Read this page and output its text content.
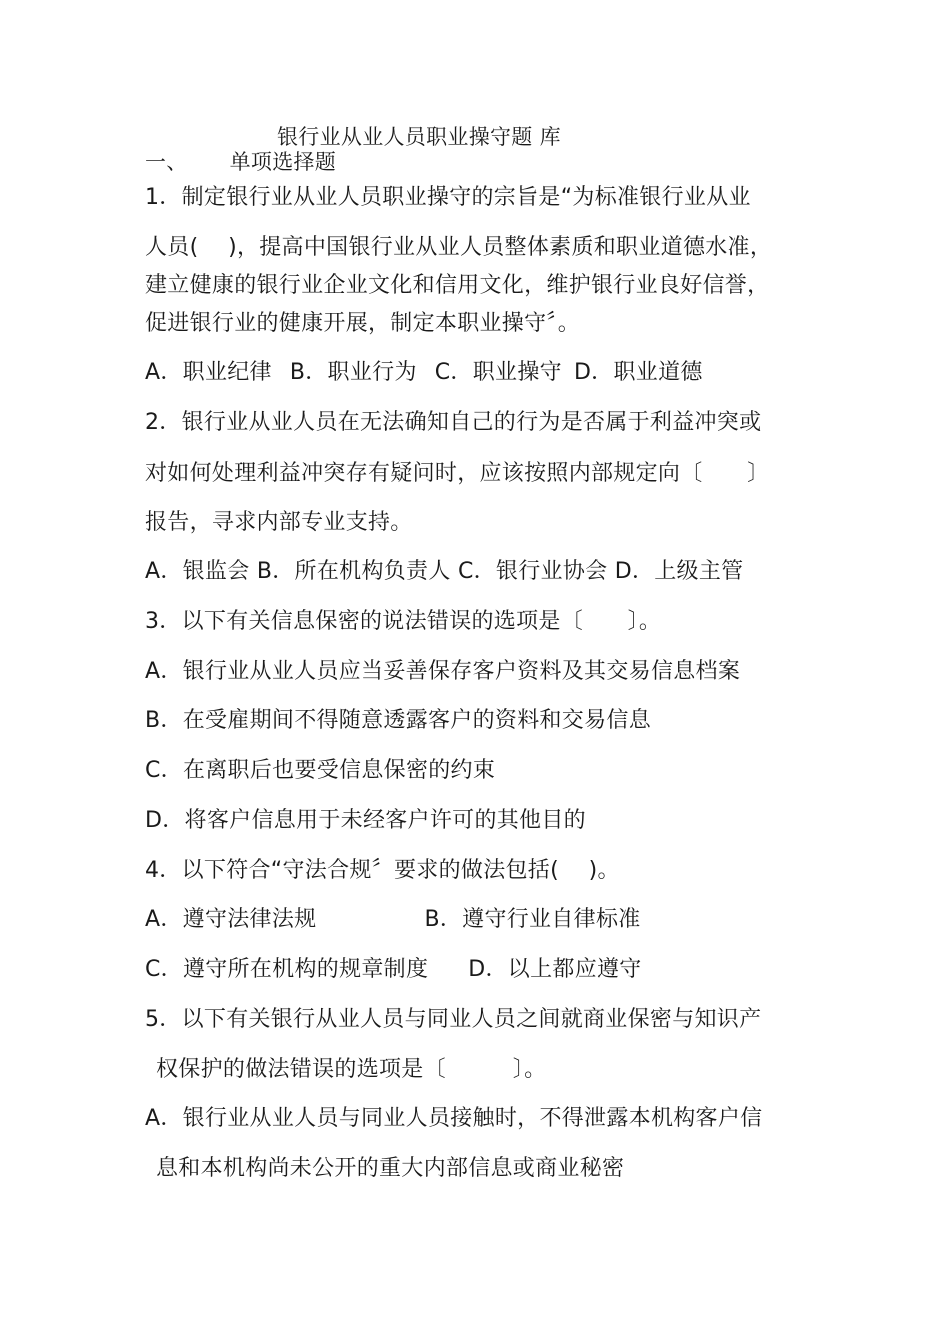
银行业从业人员职业操守题 库
一、 单项选择题
1．制定银行业从业人员职业操守的宗旨是“为标准银行业从业
人员(　 )，提高中国银行业从业人员整体素质和职业道德水准，
建立健康的银行业企业文化和信用文化，维护银行业良好信誉，
促进银行业的健康开展，制定本职业操守〞。
A．职业纪律 B．职业行为 C．职业操守 D．职业道德
2．银行业从业人员在无法确知自己的行为是否属于利益冲突或
对如何处理利益冲突存有疑问时，应该按照内部规定向〔　　〕
报告，寻求内部专业支持。
A．银监会 B．所在机构负责人 C．银行业协会 D．上级主管
3．以下有关信息保密的说法错误的选项是〔　　〕。
A．银行业从业人员应当妥善保存客户资料及其交易信息档案
B．在受雇期间不得随意透露客户的资料和交易信息
C．在离职后也要受信息保密的约束
D．将客户信息用于未经客户许可的其他目的
4．以下符合“守法合规〞要求的做法包括(　 )。
A．遵守法律法规	B．遵守行业自律标准
C．遵守所在机构的规章制度 D．以上都应遵守
5．以下有关银行从业人员与同业人员之间就商业保密与知识产
权保护的做法错误的选项是〔　　　〕。
A．银行业从业人员与同业人员接触时，不得泄露本机构客户信
息和本机构尚未公开的重大内部信息或商业秘密
